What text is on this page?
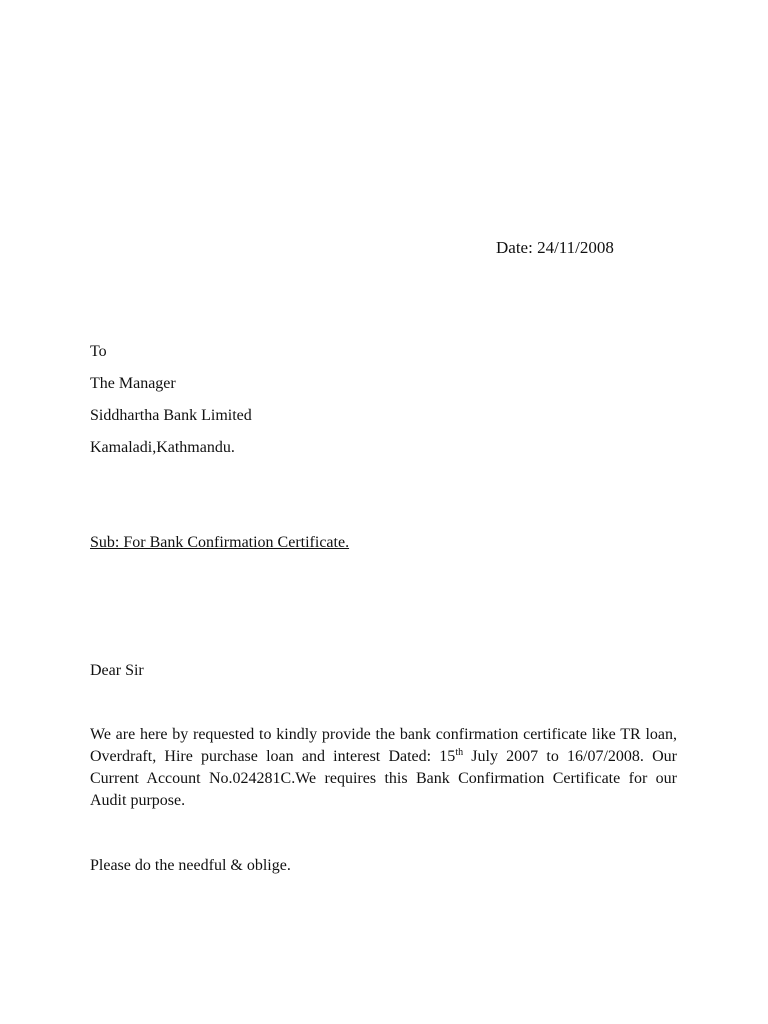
Date: 24/11/2008
To
The Manager
Siddhartha Bank Limited
Kamaladi,Kathmandu.
Sub: For Bank Confirmation Certificate.
Dear Sir
We are here by requested to kindly provide the bank confirmation certificate like TR loan, Overdraft, Hire purchase loan and interest Dated: 15th July 2007 to 16/07/2008. Our Current Account No.024281C.We requires this Bank Confirmation Certificate for our Audit purpose.
Please do the needful & oblige.
